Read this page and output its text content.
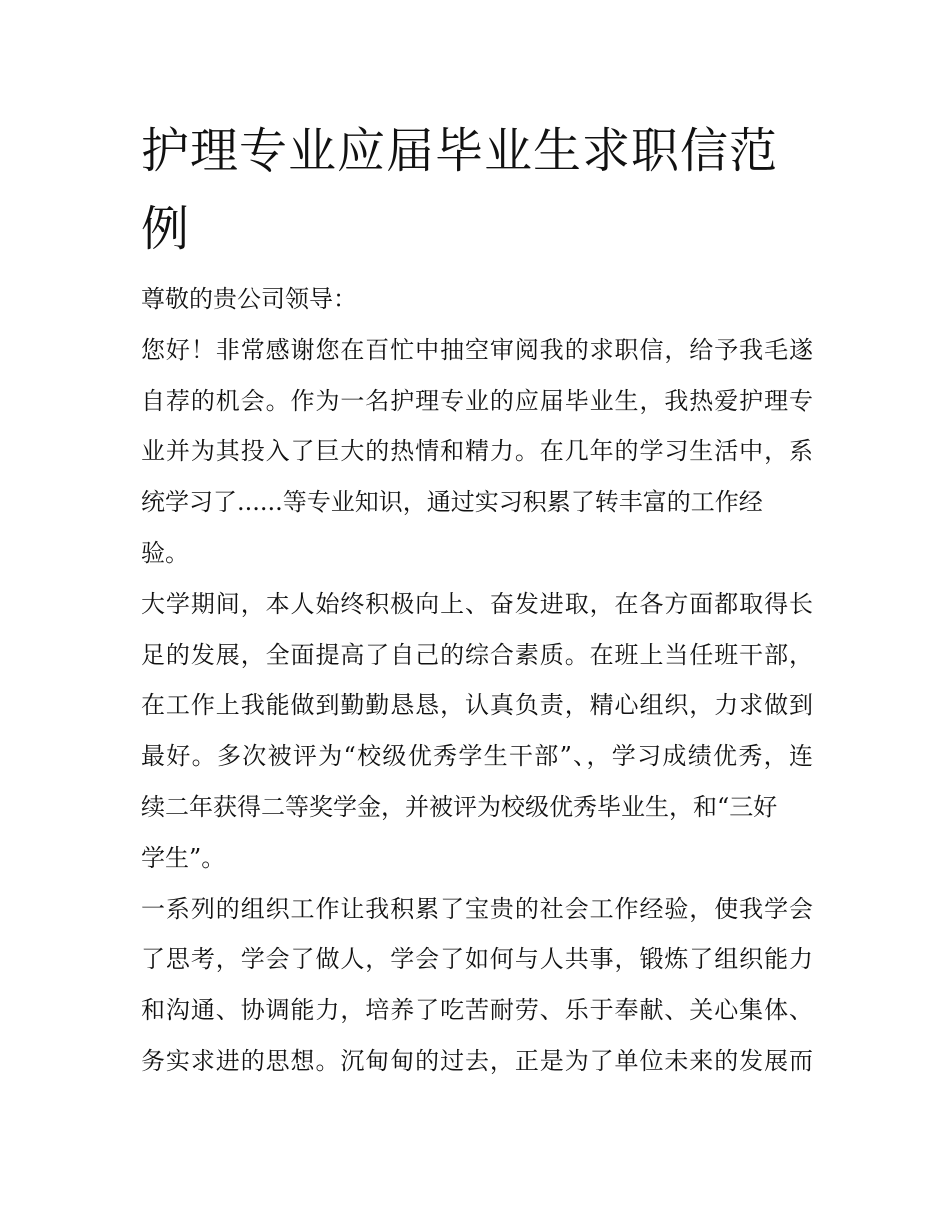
护理专业应届毕业生求职信范
例
尊敬的贵公司领导：
您好！非常感谢您在百忙中抽空审阅我的求职信，给予我毛遂
自荐的机会。作为一名护理专业的应届毕业生，我热爱护理专
业并为其投入了巨大的热情和精力。在几年的学习生活中，系
统学习了......等专业知识，通过实习积累了转丰富的工作经
验。
大学期间，本人始终积极向上、奋发进取，在各方面都取得长
足的发展，全面提高了自己的综合素质。在班上当任班干部，
在工作上我能做到勤勤恳恳，认真负责，精心组织，力求做到
最好。多次被评为“校级优秀学生干部”、，学习成绩优秀，连
续二年获得二等奖学金，并被评为校级优秀毕业生，和“三好
学生”。
一系列的组织工作让我积累了宝贵的社会工作经验，使我学会
了思考，学会了做人，学会了如何与人共事，锻炼了组织能力
和沟通、协调能力，培养了吃苦耐劳、乐于奉献、关心集体、
务实求进的思想。沉甸甸的过去，正是为了单位未来的发展而
